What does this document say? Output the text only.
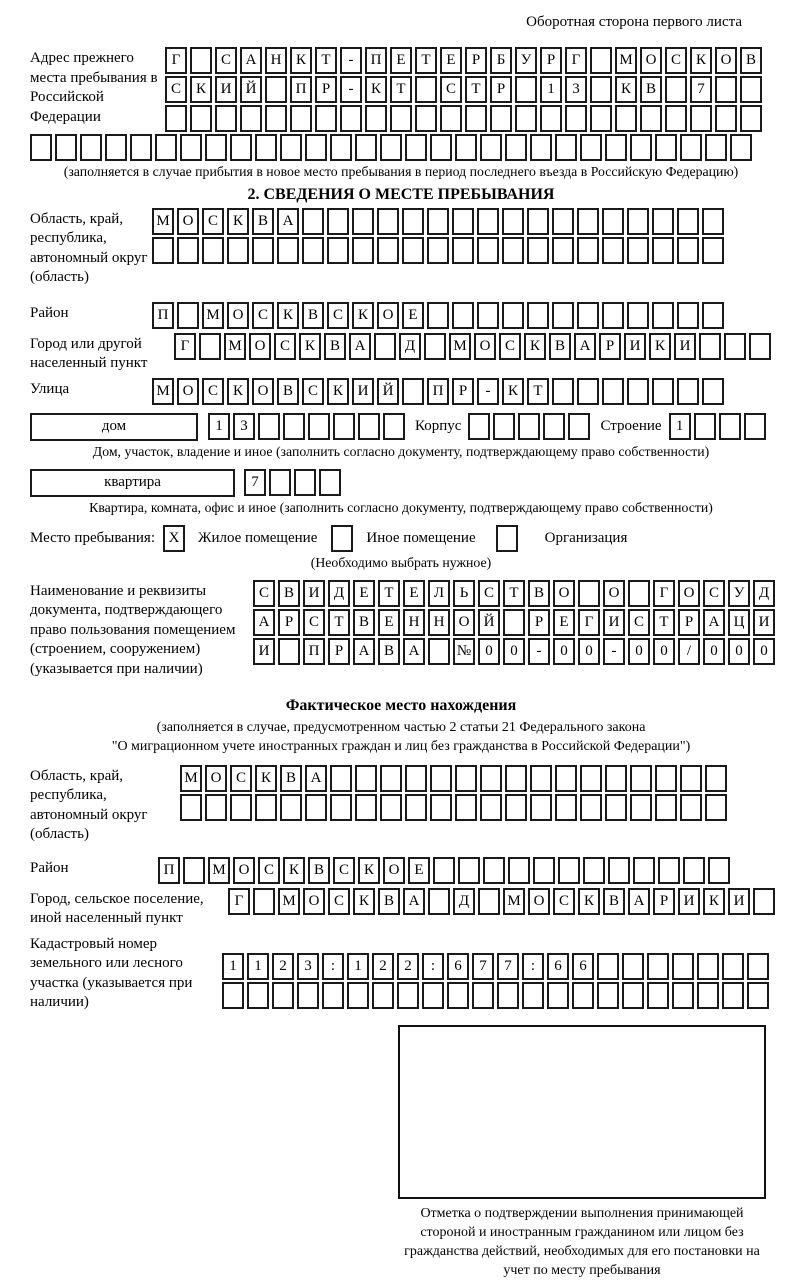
Оборотная сторона первого листа
Адрес прежнего места пребывания в Российской Федерации
Г	С А Н К	Т	-	П Е	Т	Е	Р	Б	У	Р	Г	М О С К О В
С К И Й	П	Р	-	К	Т	С	Т	Р	1	3	К В	7
(заполняется в случае прибытия в новое место пребывания в период последнего въезда в Российскую Федерацию)
2. СВЕДЕНИЯ О МЕСТЕ ПРЕБЫВАНИЯ
Область, край, республика, автономный округ (область)
М О С К В А
Район	П	М О С К В С К О Е
Город или другой населенный пункт
Г	М О С К В А	Д	М О С К В А	Р	И К И
Улица	М О С К О В С К И Й	П	Р	-	К	Т
дом	1	3	Корпус	Строение 1
Дом, участок, владение и иное (заполнить согласно документу, подтверждающему право собственности)
квартира	7
Квартира, комната, офис и иное (заполнить согласно документу, подтверждающему право собственности)
Место пребывания: X	Жилое помещение	Иное помещение	Организация
(Необходимо выбрать нужное)
Наименование и реквизиты документа, подтверждающего право пользования помещением (строением, сооружением) (указывается при наличии)
С В И Д	Е	Т	Е	Л	Ь	С	Т	В О	О	Г	О С У Д
А	Р	С	Т	В	Е	Н Н О Й	Р	Е	Г	И С	Т	Р	А Ц И
И	П	Р	А В А	№ 0	0	-	0	0	-	0	0	/	0	0	0
Фактическое место нахождения
(заполняется в случае, предусмотренном частью 2 статьи 21 Федерального закона
"О миграционном учете иностранных граждан и лиц без гражданства в Российской Федерации")
Область, край, республика, автономный округ (область)
М О С К В А
Район	П	М О С К В С К О Е
Город, сельское поселение, иной населенный пункт
Г	М О С К В А	Д	М О С К В А	Р	И К И
Кадастровый номер земельного или лесного участка (указывается при наличии)
1	1	2	3	:	1	2	2	:	6	7	7	:	6	6
Отметка о подтверждении выполнения принимающей стороной и иностранным гражданином или лицом без гражданства действий, необходимых для его постановки на учет по месту пребывания
